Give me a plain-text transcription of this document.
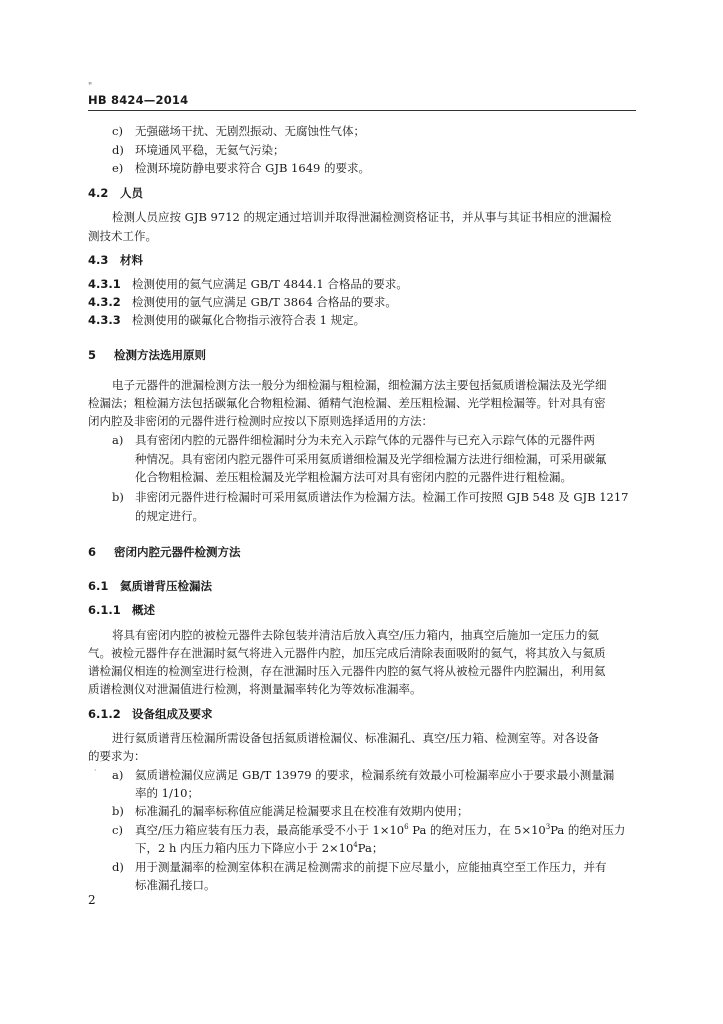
"
HB 8424—2014
c) 无强磁场干扰、无剧烈振动、无腐蚀性气体；
d) 环境通风平稳，无氦气污染；
e) 检测环境防静电要求符合 GJB 1649 的要求。
4.2 人员
检测人员应按 GJB 9712 的规定通过培训并取得泄漏检测资格证书，并从事与其证书相应的泄漏检
测技术工作。
4.3 材料
4.3.1 检测使用的氦气应满足 GB/T 4844.1 合格品的要求。
4.3.2 检测使用的氩气应满足 GB/T 3864 合格品的要求。
4.3.3 检测使用的碳氟化合物指示液符合表 1 规定。
5 检测方法选用原则
电子元器件的泄漏检测方法一般分为细检漏与粗检漏，细检漏方法主要包括氦质谱检漏法及光学细
检漏法；粗检漏方法包括碳氟化合物粗检漏、循精气泡检漏、差压粗检漏、光学粗检漏等。针对具有密
闭内腔及非密闭的元器件进行检测时应按以下原则选择适用的方法：
a) 具有密闭内腔的元器件细检漏时分为未充入示踪气体的元器件与已充入示踪气体的元器件两
种情况。具有密闭内腔元器件可采用氦质谱细检漏及光学细检漏方法进行细检漏，可采用碳氟
化合物粗检漏、差压粗检漏及光学粗检漏方法可对具有密闭内腔的元器件进行粗检漏。
b) 非密闭元器件进行检漏时可采用氦质谱法作为检漏方法。检漏工作可按照 GJB 548 及 GJB 1217
的规定进行。
6 密闭内腔元器件检测方法
6.1 氦质谱背压检漏法
6.1.1 概述
将具有密闭内腔的被检元器件去除包装并清洁后放入真空/压力箱内，抽真空后施加一定压力的氦
气。被检元器件存在泄漏时氦气将进入元器件内腔，加压完成后清除表面吸附的氦气，将其放入与氦质
谱检漏仪相连的检测室进行检测，存在泄漏时压入元器件内腔的氦气将从被检元器件内腔漏出，利用氦
质谱检测仪对泄漏值进行检测，将测量漏率转化为等效标准漏率。
6.1.2 设备组成及要求
进行氦质谱背压检漏所需设备包括氦质谱检漏仪、标准漏孔、真空/压力箱、检测室等。对各设备
的要求为：
· a) 氦质谱检漏仪应满足 GB/T 13979 的要求，检漏系统有效最小可检漏率应小于要求最小测量漏
率的 1/10；
b) 标准漏孔的漏率标称值应能满足检漏要求且在校准有效期内使用；
c) 真空/压力箱应装有压力表，最高能承受不小于 $1\times 10^6$ Pa 的绝对压力，在 $5\times 10^3Pa$ 的绝对压力
下，2 h 内压力箱内压力下降应小于 $2\times 10^4Pa$；
d) 用于测量漏率的检测室体积在满足检测需求的前提下应尽量小，应能抽真空至工作压力，并有
标准漏孔接口。
2
